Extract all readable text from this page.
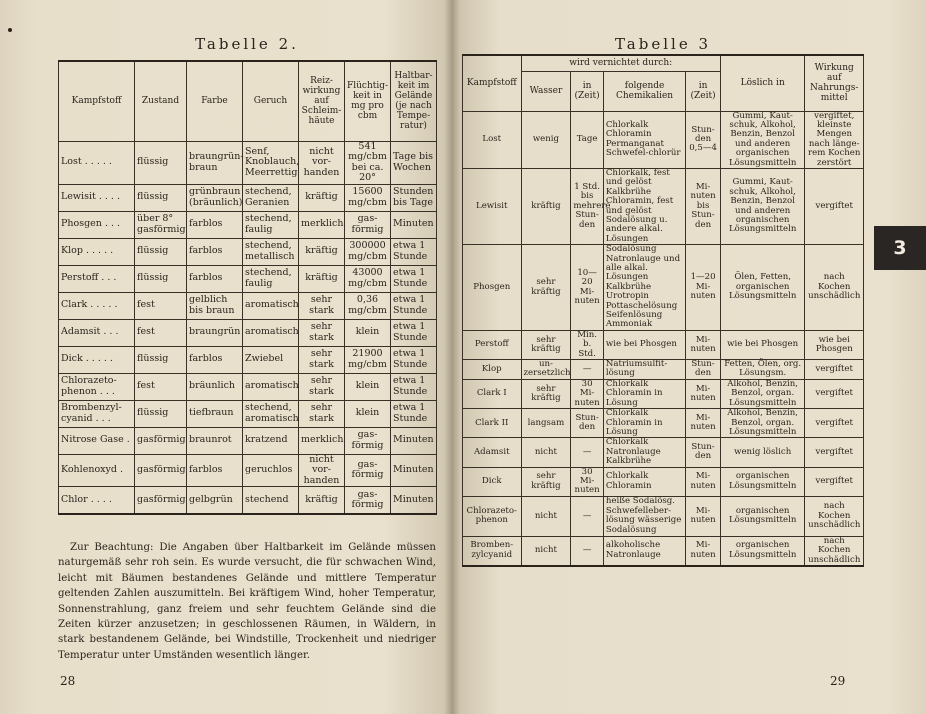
Tabelle 2.
Kampfstoff	Zustand	Farbe	Geruch	Reiz-wirkung auf Schleim-häute	Flüchtig-keit in mg pro cbm	Haltbar-keit im Gelände (je nach Tempe-ratur)
Lost . . . . .	flüssig	braungrün-braun	Senf, Knoblauch, Meerrettig	nicht vor-handen	541 mg/cbm bei ca. 20°	Tage bis Wochen
Lewisit . . . .	flüssig	grünbraun (bräunlich)	stechend, Geranien	kräftig	15600 mg/cbm	Stunden bis Tage
Phosgen . . .	über 8° gasförmig	farblos	stechend, faulig	merklich	gas-förmig	Minuten
Klop . . . . .	flüssig	farblos	stechend, metallisch	kräftig	300000 mg/cbm	etwa 1 Stunde
Perstoff . . .	flüssig	farblos	stechend, faulig	kräftig	43000 mg/cbm	etwa 1 Stunde
Clark . . . . .	fest	gelblich bis braun	aromatisch	sehr stark	0,36 mg/cbm	etwa 1 Stunde
Adamsit . . .	fest	braungrün	aromatisch	sehr stark	klein	etwa 1 Stunde
Dick . . . . .	flüssig	farblos	Zwiebel	sehr stark	21900 mg/cbm	etwa 1 Stunde
Chlorazeto-phenon . . .	fest	bräunlich	aromatisch	sehr stark	klein	etwa 1 Stunde
Brombenzyl-cyanid . . .	flüssig	tiefbraun	stechend, aromatisch	sehr stark	klein	etwa 1 Stunde
Nitrose Gase .	gasförmig	braunrot	kratzend	merklich	gas-förmig	Minuten
Kohlenoxyd .	gasförmig	farblos	geruchlos	nicht vor-handen	gas-förmig	Minuten
Chlor . . . .	gasförmig	gelbgrün	stechend	kräftig	gas-förmig	Minuten
Zur Beachtung: Die Angaben über Haltbarkeit im Gelände müssen naturgemäß sehr roh sein. Es wurde versucht, die für schwachen Wind, leicht mit Bäumen bestandenes Gelände und mittlere Temperatur geltenden Zahlen auszumitteln. Bei kräftigem Wind, hoher Temperatur, Sonnenstrahlung, ganz freiem und sehr feuchtem Gelände sind die Zeiten kürzer anzusetzen; in geschlossenen Räumen, in Wäldern, in stark bestandenem Gelände, bei Windstille, Trockenheit und niedriger Temperatur unter Umständen wesentlich länger.
28
Tabelle 3
29
Kampfstoff	wird vernichtet durch:				Löslich in	Wirkung auf Nahrungs-mittel
	Wasser	in (Zeit)	folgende Chemikalien	in (Zeit)		
Lost	wenig	Tage	Chlorkalk Chloramin Permanganat Schwefel-chlorür	Stun-den 0,5—4	Gummi, Kaut-schuk, Alkohol, Benzin, Benzol und anderen organischen Lösungsmitteln	vergiftet, kleinste Mengen nach länge-rem Kochen zerstört
Lewisit	kräftig	1 Std. bis mehrere Stun-den	Chlorkalk, fest und gelöst Kalkbrühe Chloramin, fest und gelöst Sodalösung u. andere alkal. Lösungen	Mi-nuten bis Stun-den	Gummi, Kaut-schuk, Alkohol, Benzin, Benzol und anderen organischen Lösungsmitteln	vergiftet
Phosgen	sehr kräftig	10—20 Mi-nuten	Sodalösung Natronlauge und alle alkal. Lösungen Kalkbrühe Urotropin Pottaschelösung Seifenlösung Ammoniak	1—20 Mi-nuten	Ölen, Fetten, organischen Lösungsmitteln	nach Kochen unschädlich
Perstoff	sehr kräftig	Min. b. Std.	wie bei Phosgen	Mi-nuten	wie bei Phosgen	wie bei Phosgen
Klop	un-zersetzlich	—	Natriumsulfit-lösung	Stun-den	Fetten, Ölen, org. Lösungsm.	vergiftet
Clark I	sehr kräftig	30 Mi-nuten	Chlorkalk Chloramin in Lösung	Mi-nuten	Alkohol, Benzin, Benzol, organ. Lösungsmitteln	vergiftet
Clark II	langsam	Stun-den	Chlorkalk Chloramin in Lösung	Mi-nuten	Alkohol, Benzin, Benzol, organ. Lösungsmitteln	vergiftet
Adamsit	nicht	—	Chlorkalk Natronlauge Kalkbrühe	Stun-den	wenig löslich	vergiftet
Dick	sehr kräftig	30 Mi-nuten	Chlorkalk Chloramin	Mi-nuten	organischen Lösungsmitteln	vergiftet
Chlorazeto-phenon	nicht	—	heiße Sodalösg. Schwefelleber-lösung wässerige Sodalösung	Mi-nuten	organischen Lösungsmitteln	nach Kochen unschädlich
Bromben-zylcyanid	nicht	—	alkoholische Natronlauge	Mi-nuten	organischen Lösungsmitteln	nach Kochen unschädlich
3
